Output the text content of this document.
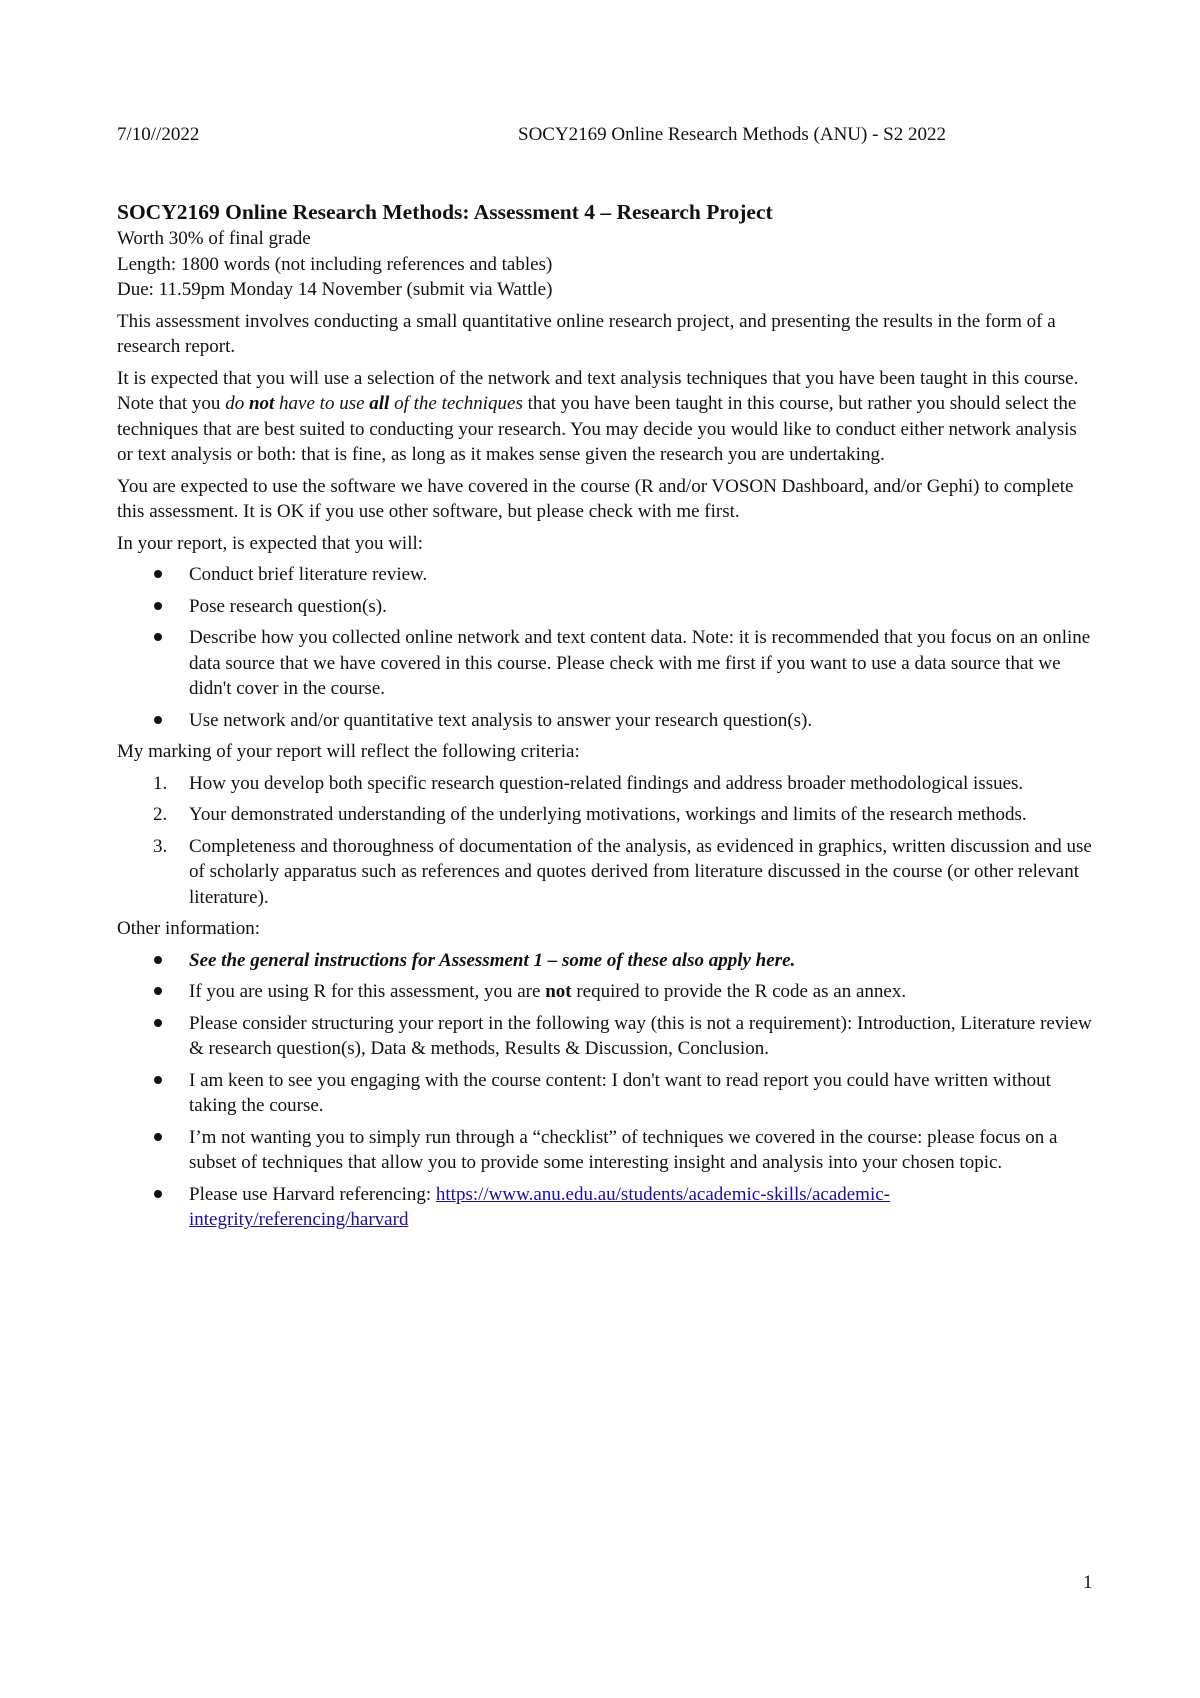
7/10//2022	SOCY2169 Online Research Methods (ANU) - S2 2022

SOCY2169 Online Research Methods: Assessment 4 – Research Project

Worth 30% of final grade

Length: 1800 words (not including references and tables)

Due: 11.59pm Monday 14 November (submit via Wattle)

This assessment involves conducting a small quantitative online research project, and presenting the results in the form of a research report.

It is expected that you will use a selection of the network and text analysis techniques that you have been taught in this course. Note that you do not have to use all of the techniques that you have been taught in this course, but rather you should select the techniques that are best suited to conducting your research. You may decide you would like to conduct either network analysis or text analysis or both: that is fine, as long as it makes sense given the research you are undertaking.

You are expected to use the software we have covered in the course (R and/or VOSON Dashboard, and/or Gephi) to complete this assessment. It is OK if you use other software, but please check with me first.

In your report, is expected that you will:

Conduct brief literature review.
Pose research question(s).
Describe how you collected online network and text content data. Note: it is recommended that you focus on an online data source that we have covered in this course. Please check with me first if you want to use a data source that we didn't cover in the course.
Use network and/or quantitative text analysis to answer your research question(s).

My marking of your report will reflect the following criteria:

1. How you develop both specific research question-related findings and address broader methodological issues.
2. Your demonstrated understanding of the underlying motivations, workings and limits of the research methods.
3. Completeness and thoroughness of documentation of the analysis, as evidenced in graphics, written discussion and use of scholarly apparatus such as references and quotes derived from literature discussed in the course (or other relevant literature).

Other information:

See the general instructions for Assessment 1 – some of these also apply here.
If you are using R for this assessment, you are not required to provide the R code as an annex.
Please consider structuring your report in the following way (this is not a requirement): Introduction, Literature review & research question(s), Data & methods, Results & Discussion, Conclusion.
I am keen to see you engaging with the course content: I don't want to read report you could have written without taking the course.
I’m not wanting you to simply run through a “checklist” of techniques we covered in the course: please focus on a subset of techniques that allow you to provide some interesting insight and analysis into your chosen topic.
Please use Harvard referencing: https://www.anu.edu.au/students/academic-skills/academic-integrity/referencing/harvard
1
